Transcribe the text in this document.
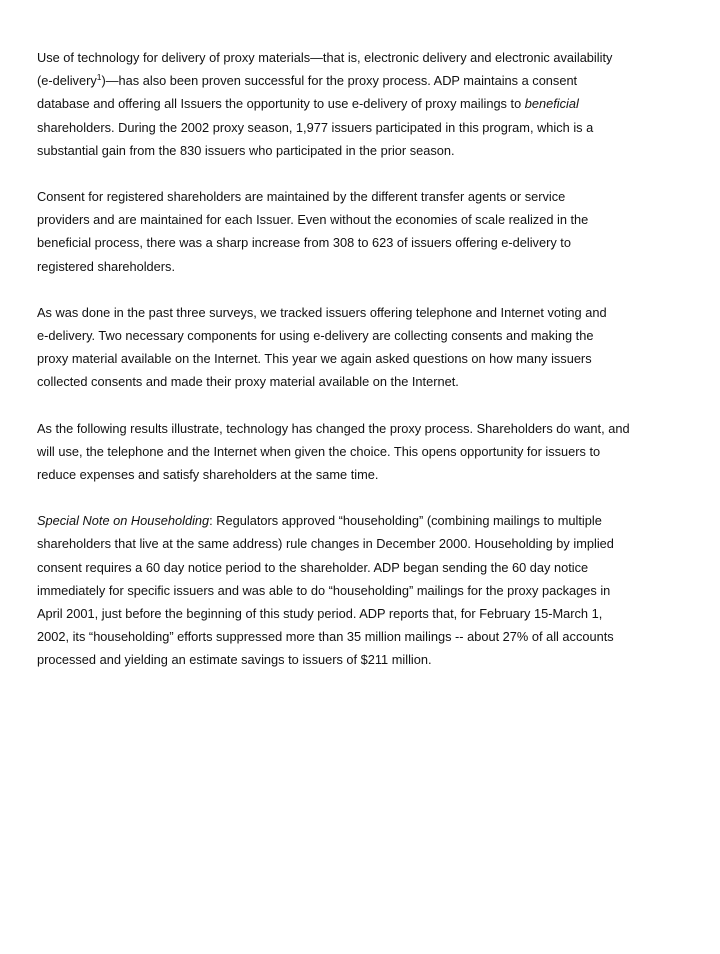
Use of technology for delivery of proxy materials—that is, electronic delivery and electronic availability
(e-delivery$^1$)—has also been proven successful for the proxy process. ADP maintains a consent
database and offering all Issuers the opportunity to use e-delivery of proxy mailings to beneficial
shareholders. During the 2002 proxy season, 1,977 issuers participated in this program, which is a
substantial gain from the 830 issuers who participated in the prior season.

Consent for registered shareholders are maintained by the different transfer agents or service
providers and are maintained for each Issuer. Even without the economies of scale realized in the
beneficial process, there was a sharp increase from 308 to 623 of issuers offering e-delivery to
registered shareholders.

As was done in the past three surveys, we tracked issuers offering telephone and Internet voting and
e-delivery. Two necessary components for using e-delivery are collecting consents and making the
proxy material available on the Internet. This year we again asked questions on how many issuers
collected consents and made their proxy material available on the Internet.

As the following results illustrate, technology has changed the proxy process. Shareholders do want, and
will use, the telephone and the Internet when given the choice. This opens opportunity for issuers to
reduce expenses and satisfy shareholders at the same time.

Special Note on Householding: Regulators approved “householding” (combining mailings to multiple
shareholders that live at the same address) rule changes in December 2000. Householding by implied
consent requires a 60 day notice period to the shareholder. ADP began sending the 60 day notice
immediately for specific issuers and was able to do “householding” mailings for the proxy packages in
April 2001, just before the beginning of this study period. ADP reports that, for February 15-March 1,
2002, its “householding” efforts suppressed more than 35 million mailings -- about 27% of all accounts
processed and yielding an estimate savings to issuers of $211 million.
